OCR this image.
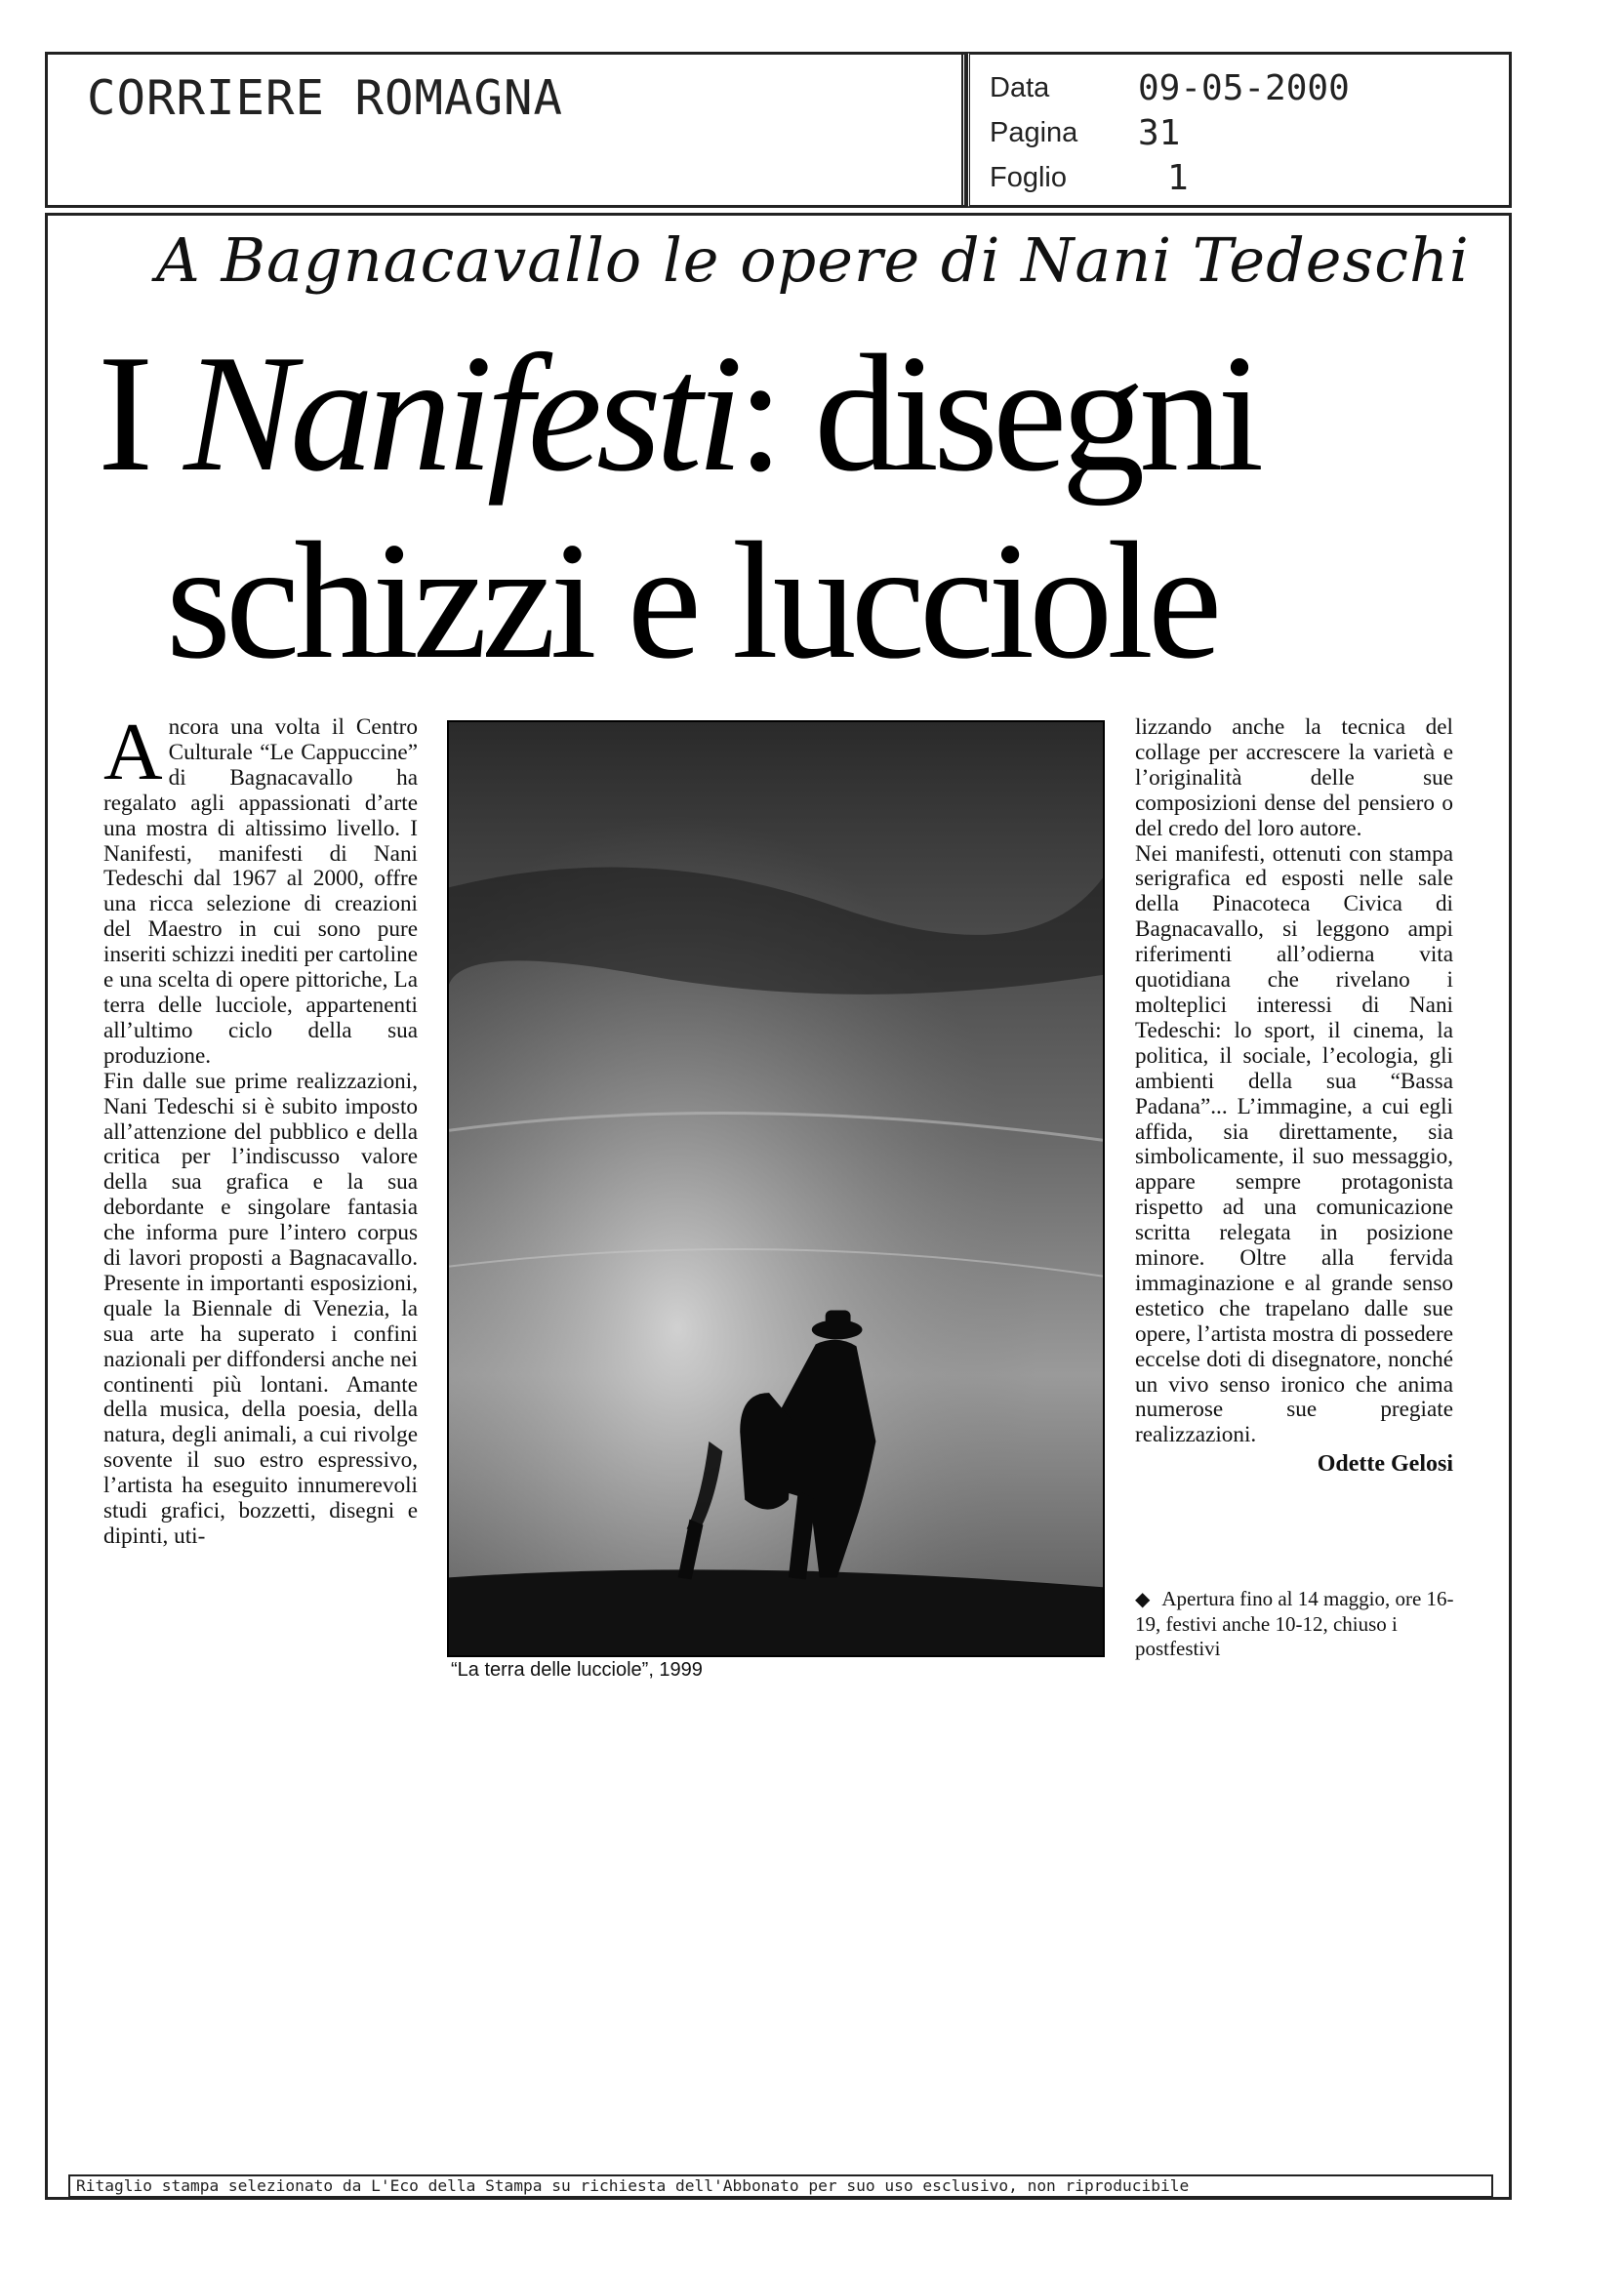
CORRIERE ROMAGNA	Data	09-05-2000
Pagina 31
Foglio	1
A Bagnacavallo le opere di Nani Tedeschi
I Nanifesti: disegni
schizzi e lucciole
A ncora una volta il Centro Culturale “Le Cappuccine” di Bagnacavallo ha regalato agli appassionati d’arte una mostra di altissimo livello. I Nanifesti, manifesti di Nani Tedeschi dal 1967 al 2000, offre una ricca selezione di creazioni del Maestro in cui sono pure inseriti schizzi inediti per cartoline e una scelta di opere pittoriche, La terra delle lucciole, appartenenti all’ultimo ciclo della sua produzione.

Fin dalle sue prime realizzazioni, Nani Tedeschi si è subito imposto all’attenzione del pubblico e della critica per l’indiscusso valore della sua grafica e la sua debordante e singolare fantasia che informa pure l’intero corpus di lavori proposti a Bagnacavallo. Presente in importanti esposizioni, quale la Biennale di Venezia, la sua arte ha superato i confini nazionali per diffondersi anche nei continenti più lontani. Amante della musica, della poesia, della natura, degli animali, a cui rivolge sovente il suo estro espressivo, l’artista ha eseguito innumerevoli studi grafici, bozzetti, disegni e dipinti, uti-

“La terra delle lucciole”, 1999

lizzando anche la tecnica del collage per accrescere la varietà e l’originalità delle sue composizioni dense del pensiero o del credo del loro autore.

Nei manifesti, ottenuti con stampa serigrafica ed esposti nelle sale della Pinacoteca Civica di Bagnacavallo, si leggono ampi riferimenti all’odierna vita quotidiana che rivelano i molteplici interessi di Nani Tedeschi: lo sport, il cinema, la politica, il sociale, l’ecologia, gli ambienti della sua “Bassa Padana”... L’immagine, a cui egli affida, sia direttamente, sia simbolicamente, il suo messaggio, appare sempre protagonista rispetto ad una comunicazione scritta relegata in posizione minore. Oltre alla fervida immaginazione e al grande senso estetico che trapelano dalle sue opere, l’artista mostra di possedere eccelse doti di disegnatore, nonché un vivo senso ironico che anima numerose sue pregiate realizzazioni.

Odette Gelosi
◆ Apertura fino al 14 maggio, ore 16-19, festivi anche 10-12, chiuso i postfestivi
Ritaglio stampa selezionato da L'Eco della Stampa su richiesta dell'Abbonato per suo uso esclusivo, non riproducibile
